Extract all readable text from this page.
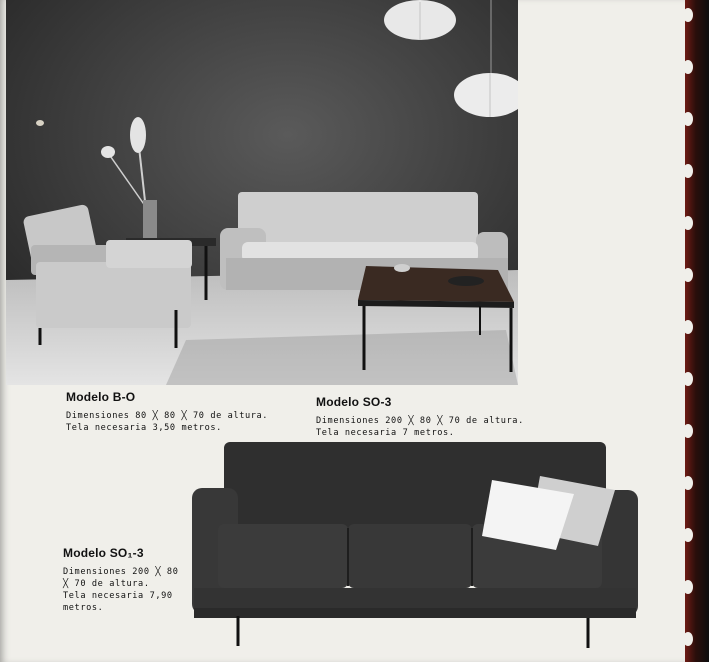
Modelo B-O
Dimensiones 80 ╳ 80 ╳ 70 de altura.
Tela necesaria 3,50 metros.
Modelo SO-3
Dimensiones 200 ╳ 80 ╳ 70 de altura.
Tela necesaria 7 metros.
Modelo SO₁-3
Dimensiones 200 ╳ 80
╳ 70 de altura.
Tela necesaria 7,90
metros.
